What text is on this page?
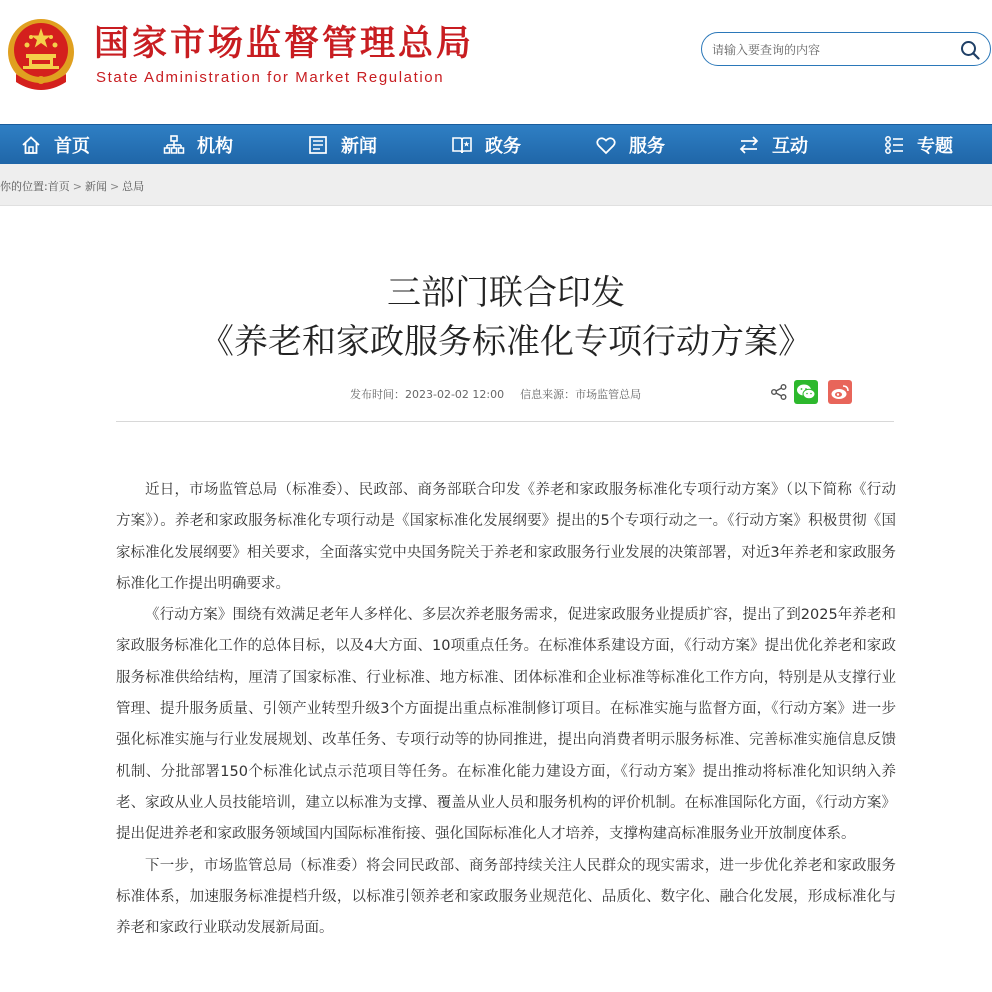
国家市场监督管理总局
State Administration for Market Regulation
请输入要查询的内容
首页	机构	新闻	政务	服务	互动	专题
你的位置:首页 > 新闻 > 总局
三部门联合印发
《养老和家政服务标准化专项行动方案》
发布时间：2023-02-02 12:00 信息来源：市场监管总局

近日，市场监管总局（标准委）、民政部、商务部联合印发《养老和家政服务标准化专项行动方案》（以下简称《行动方案》）。养老和家政服务标准化专项行动是《国家标准化发展纲要》提出的5个专项行动之一。《行动方案》积极贯彻《国家标准化发展纲要》相关要求，全面落实党中央国务院关于养老和家政服务行业发展的决策部署，对近3年养老和家政服务标准化工作提出明确要求。

《行动方案》围绕有效满足老年人多样化、多层次养老服务需求，促进家政服务业提质扩容，提出了到2025年养老和家政服务标准化工作的总体目标，以及4大方面、10项重点任务。在标准体系建设方面，《行动方案》提出优化养老和家政服务标准供给结构，厘清了国家标准、行业标准、地方标准、团体标准和企业标准等标准化工作方向，特别是从支撑行业管理、提升服务质量、引领产业转型升级3个方面提出重点标准制修订项目。在标准实施与监督方面，《行动方案》进一步强化标准实施与行业发展规划、改革任务、专项行动等的协同推进，提出向消费者明示服务标准、完善标准实施信息反馈机制、分批部署150个标准化试点示范项目等任务。在标准化能力建设方面，《行动方案》提出推动将标准化知识纳入养老、家政从业人员技能培训，建立以标准为支撑、覆盖从业人员和服务机构的评价机制。在标准国际化方面，《行动方案》提出促进养老和家政服务领域国内国际标准衔接、强化国际标准化人才培养，支撑构建高标准服务业开放制度体系。

下一步，市场监管总局（标准委）将会同民政部、商务部持续关注人民群众的现实需求，进一步优化养老和家政服务标准体系，加速服务标准提档升级，以标准引领养老和家政服务业规范化、品质化、数字化、融合化发展，形成标准化与养老和家政行业联动发展新局面。
